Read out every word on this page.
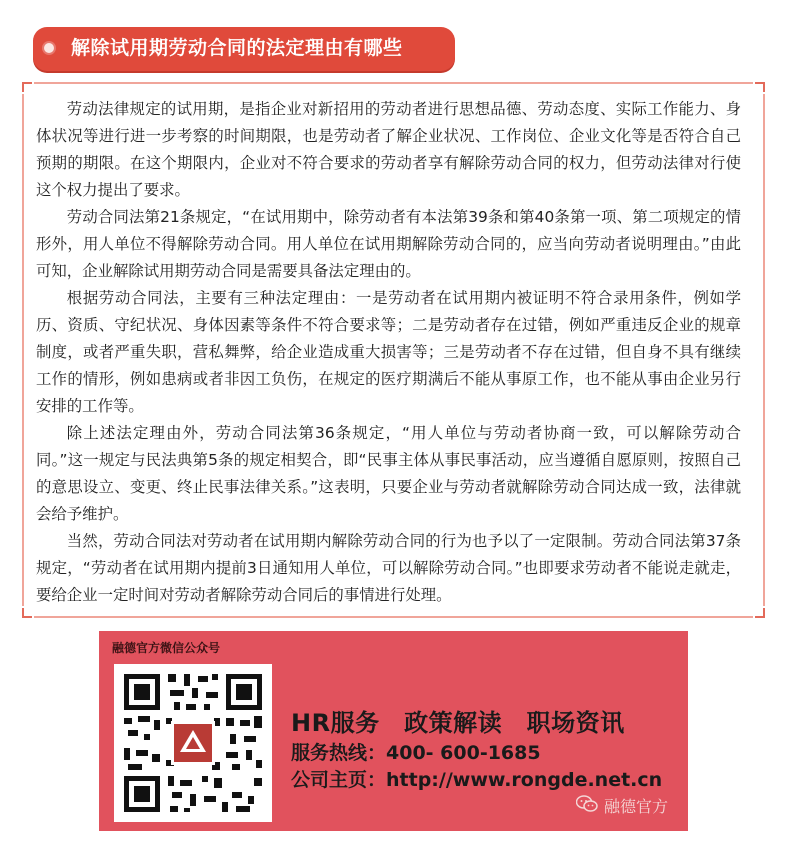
解除试用期劳动合同的法定理由有哪些

劳动法律规定的试用期，是指企业对新招用的劳动者进行思想品德、劳动态度、实际工作能力、身体状况等进行进一步考察的时间期限，也是劳动者了解企业状况、工作岗位、企业文化等是否符合自己预期的期限。在这个期限内，企业对不符合要求的劳动者享有解除劳动合同的权力，但劳动法律对行使这个权力提出了要求。

劳动合同法第21条规定，“在试用期中，除劳动者有本法第39条和第40条第一项、第二项规定的情形外，用人单位不得解除劳动合同。用人单位在试用期解除劳动合同的，应当向劳动者说明理由。”由此可知，企业解除试用期劳动合同是需要具备法定理由的。

根据劳动合同法，主要有三种法定理由：一是劳动者在试用期内被证明不符合录用条件，例如学历、资质、守纪状况、身体因素等条件不符合要求等；二是劳动者存在过错，例如严重违反企业的规章制度，或者严重失职，营私舞弊，给企业造成重大损害等；三是劳动者不存在过错，但自身不具有继续工作的情形，例如患病或者非因工负伤，在规定的医疗期满后不能从事原工作，也不能从事由企业另行安排的工作等。

除上述法定理由外，劳动合同法第36条规定，“用人单位与劳动者协商一致，可以解除劳动合同。”这一规定与民法典第5条的规定相契合，即“民事主体从事民事活动，应当遵循自愿原则，按照自己的意思设立、变更、终止民事法律关系。”这表明，只要企业与劳动者就解除劳动合同达成一致，法律就会给予维护。

当然，劳动合同法对劳动者在试用期内解除劳动合同的行为也予以了一定限制。劳动合同法第37条规定，“劳动者在试用期内提前3日通知用人单位，可以解除劳动合同。”也即要求劳动者不能说走就走，要给企业一定时间对劳动者解除劳动合同后的事情进行处理。

融德官方微信公众号
HR服务　政策解读　职场资讯
服务热线：400- 600-1685
公司主页：http://www.rongde.net.cn
融德官方
